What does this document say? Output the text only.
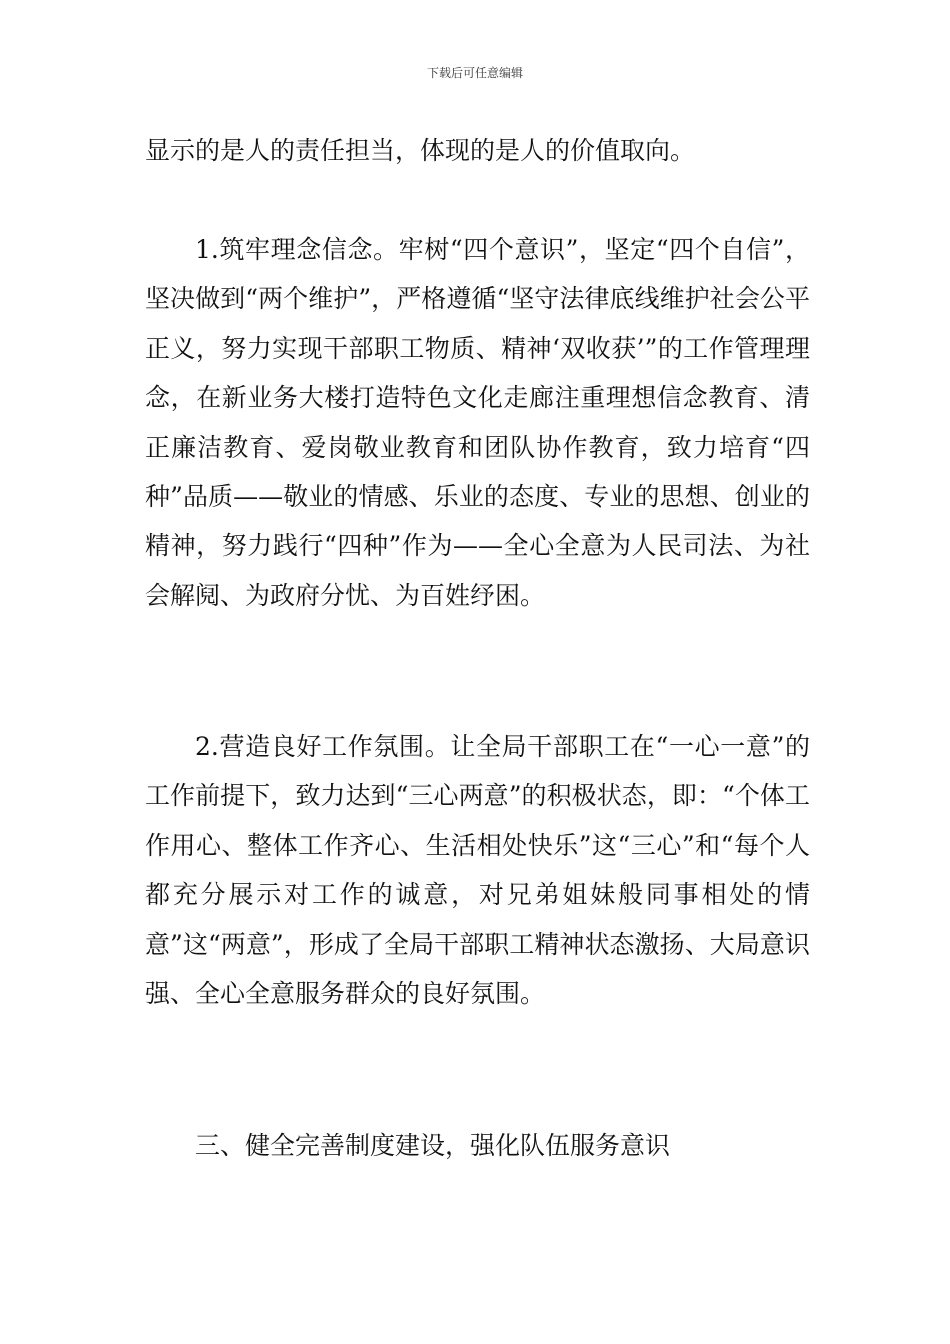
下载后可任意编辑

显示的是人的责任担当，体现的是人的价值取向。

1.筑牢理念信念。牢树“四个意识”，坚定“四个自信”，坚决做到“两个维护”，严格遵循“坚守法律底线维护社会公平正义，努力实现干部职工物质、精神‘双收获’”的工作管理理念，在新业务大楼打造特色文化走廊注重理想信念教育、清正廉洁教育、爱岗敬业教育和团队协作教育，致力培育“四种”品质——敬业的情感、乐业的态度、专业的思想、创业的精神，努力践行“四种”作为——全心全意为人民司法、为社会解阋、为政府分忧、为百姓纾困。

2.营造良好工作氛围。让全局干部职工在“一心一意”的工作前提下，致力达到“三心两意”的积极状态，即：“个体工作用心、整体工作齐心、生活相处快乐”这“三心”和“每个人都充分展示对工作的诚意，对兄弟姐妹般同事相处的情意”这“两意”，形成了全局干部职工精神状态激扬、大局意识强、全心全意服务群众的良好氛围。

三、健全完善制度建设，强化队伍服务意识
